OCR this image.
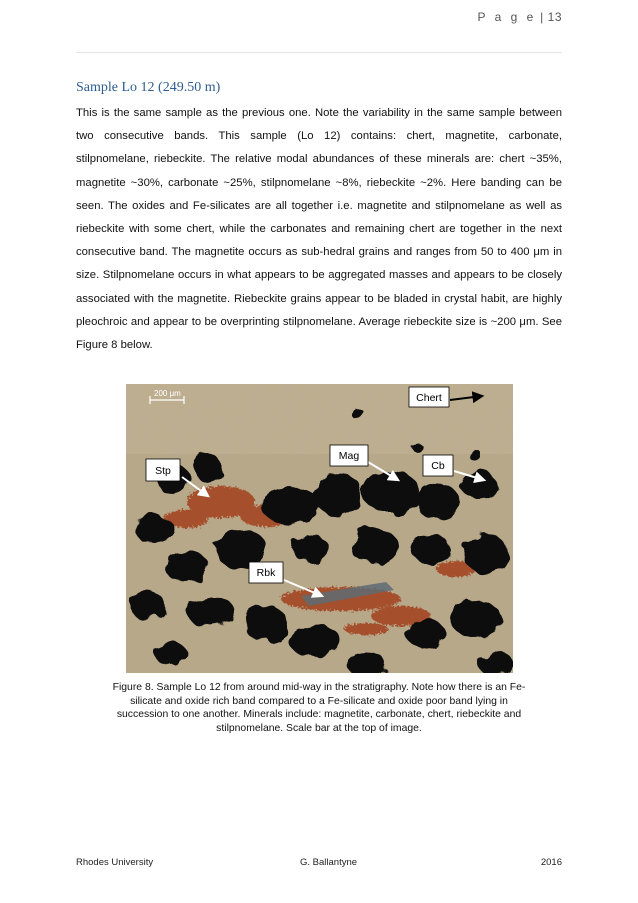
P a g e | 13
Sample Lo 12 (249.50 m)

This is the same sample as the previous one. Note the variability in the same sample between two consecutive bands. This sample (Lo 12) contains: chert, magnetite, carbonate, stilpnomelane, riebeckite. The relative modal abundances of these minerals are: chert ~35%, magnetite ~30%, carbonate ~25%, stilpnomelane ~8%, riebeckite ~2%. Here banding can be seen. The oxides and Fe-silicates are all together i.e. magnetite and stilpnomelane as well as riebeckite with some chert, while the carbonates and remaining chert are together in the next consecutive band. The magnetite occurs as sub-hedral grains and ranges from 50 to 400 μm in size. Stilpnomelane occurs in what appears to be aggregated masses and appears to be closely associated with the magnetite. Riebeckite grains appear to be bladed in crystal habit, are highly pleochroic and appear to be overprinting stilpnomelane. Average riebeckite size is ~200 μm. See Figure 8 below.

200 μm	Chert
Mag
Cb
Stp
Rbk
Figure 8. Sample Lo 12 from around mid-way in the stratigraphy. Note how there is an Fe-silicate and oxide rich band compared to a Fe-silicate and oxide poor band lying in succession to one another. Minerals include: magnetite, carbonate, chert, riebeckite and stilpnomelane. Scale bar at the top of image.
Rhodes University	G. Ballantyne	2016
